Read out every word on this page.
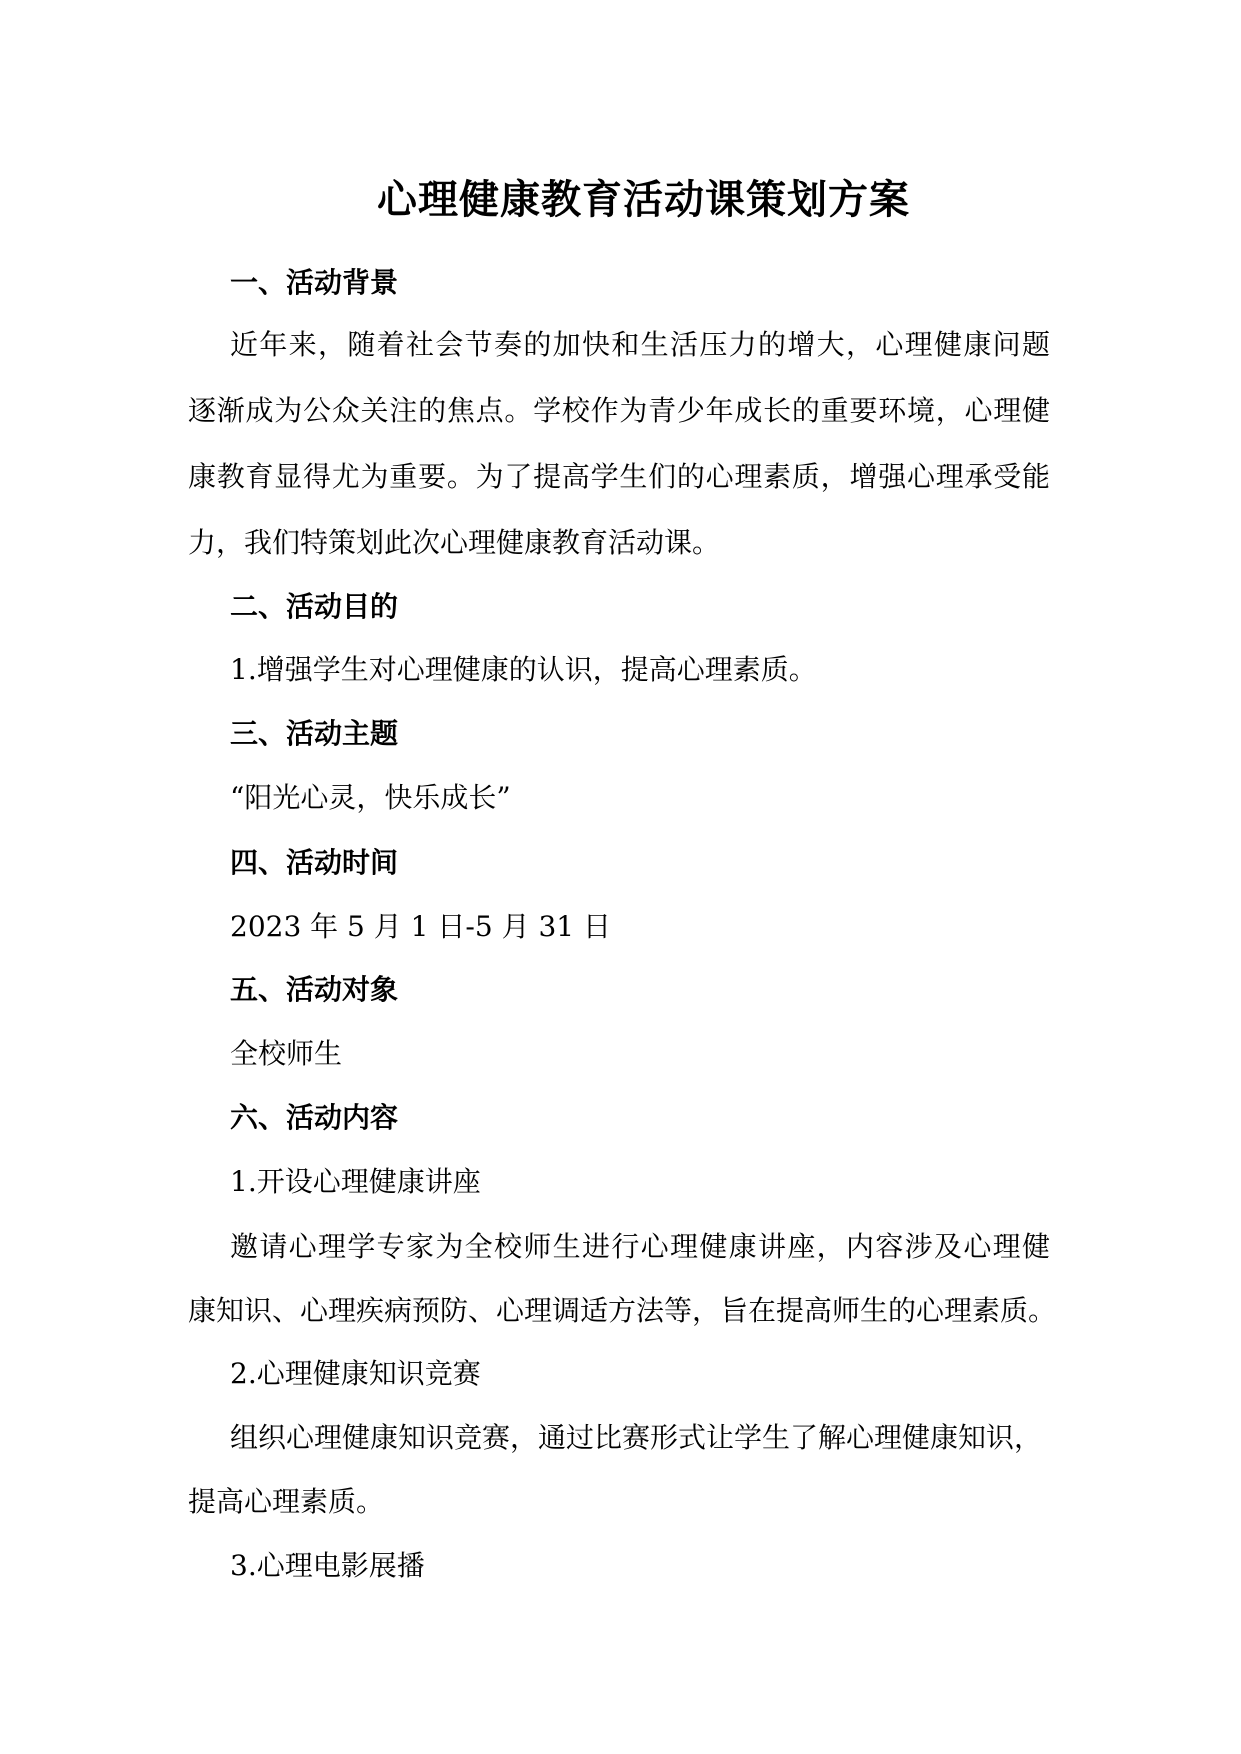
心理健康教育活动课策划方案
一、活动背景
近年来，随着社会节奏的加快和生活压力的增大，心理健康问题
逐渐成为公众关注的焦点。学校作为青少年成长的重要环境，心理健
康教育显得尤为重要。为了提高学生们的心理素质，增强心理承受能
力，我们特策划此次心理健康教育活动课。
二、活动目的
1.增强学生对心理健康的认识，提高心理素质。
三、活动主题
“阳光心灵，快乐成长”
四、活动时间
2023 年 5 月 1 日-5 月 31 日
五、活动对象
全校师生
六、活动内容
1.开设心理健康讲座
邀请心理学专家为全校师生进行心理健康讲座，内容涉及心理健
康知识、心理疾病预防、心理调适方法等，旨在提高师生的心理素质。
2.心理健康知识竞赛
组织心理健康知识竞赛，通过比赛形式让学生了解心理健康知识，
提高心理素质。
3.心理电影展播
